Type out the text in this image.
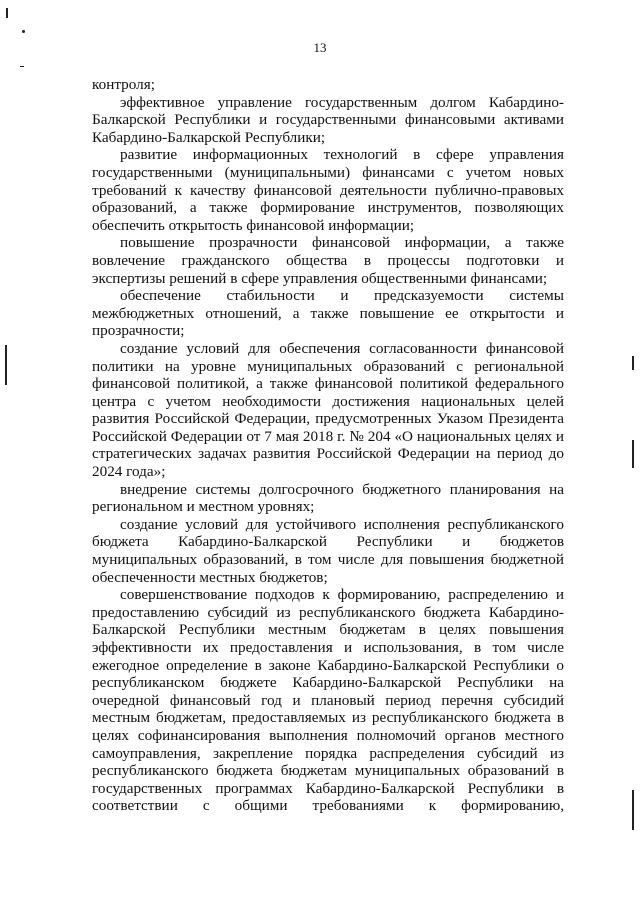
13

контроля;

эффективное управление государственным долгом Кабардино-Балкарской Республики и государственными финансовыми активами Кабардино-Балкарской Республики;

развитие информационных технологий в сфере управления государственными (муниципальными) финансами с учетом новых требований к качеству финансовой деятельности публично-правовых образований, а также формирование инструментов, позволяющих обеспечить открытость финансовой информации;

повышение прозрачности финансовой информации, а также вовлечение гражданского общества в процессы подготовки и экспертизы решений в сфере управления общественными финансами;

обеспечение стабильности и предсказуемости системы межбюджетных отношений, а также повышение ее открытости и прозрачности;

создание условий для обеспечения согласованности финансовой политики на уровне муниципальных образований с региональной финансовой политикой, а также финансовой политикой федерального центра с учетом необходимости достижения национальных целей развития Российской Федерации, предусмотренных Указом Президента Российской Федерации от 7 мая 2018 г. № 204 «О национальных целях и стратегических задачах развития Российской Федерации на период до 2024 года»;

внедрение системы долгосрочного бюджетного планирования на региональном и местном уровнях;

создание условий для устойчивого исполнения республиканского бюджета Кабардино-Балкарской Республики и бюджетов муниципальных образований, в том числе для повышения бюджетной обеспеченности местных бюджетов;

совершенствование подходов к формированию, распределению и предоставлению субсидий из республиканского бюджета Кабардино-Балкарской Республики местным бюджетам в целях повышения эффективности их предоставления и использования, в том числе ежегодное определение в законе Кабардино-Балкарской Республики о республиканском бюджете Кабардино-Балкарской Республики на очередной финансовый год и плановый период перечня субсидий местным бюджетам, предоставляемых из республиканского бюджета в целях софинансирования выполнения полномочий органов местного самоуправления, закрепление порядка распределения субсидий из республиканского бюджета бюджетам муниципальных образований в государственных программах Кабардино-Балкарской Республики в соответствии с общими требованиями к формированию,
